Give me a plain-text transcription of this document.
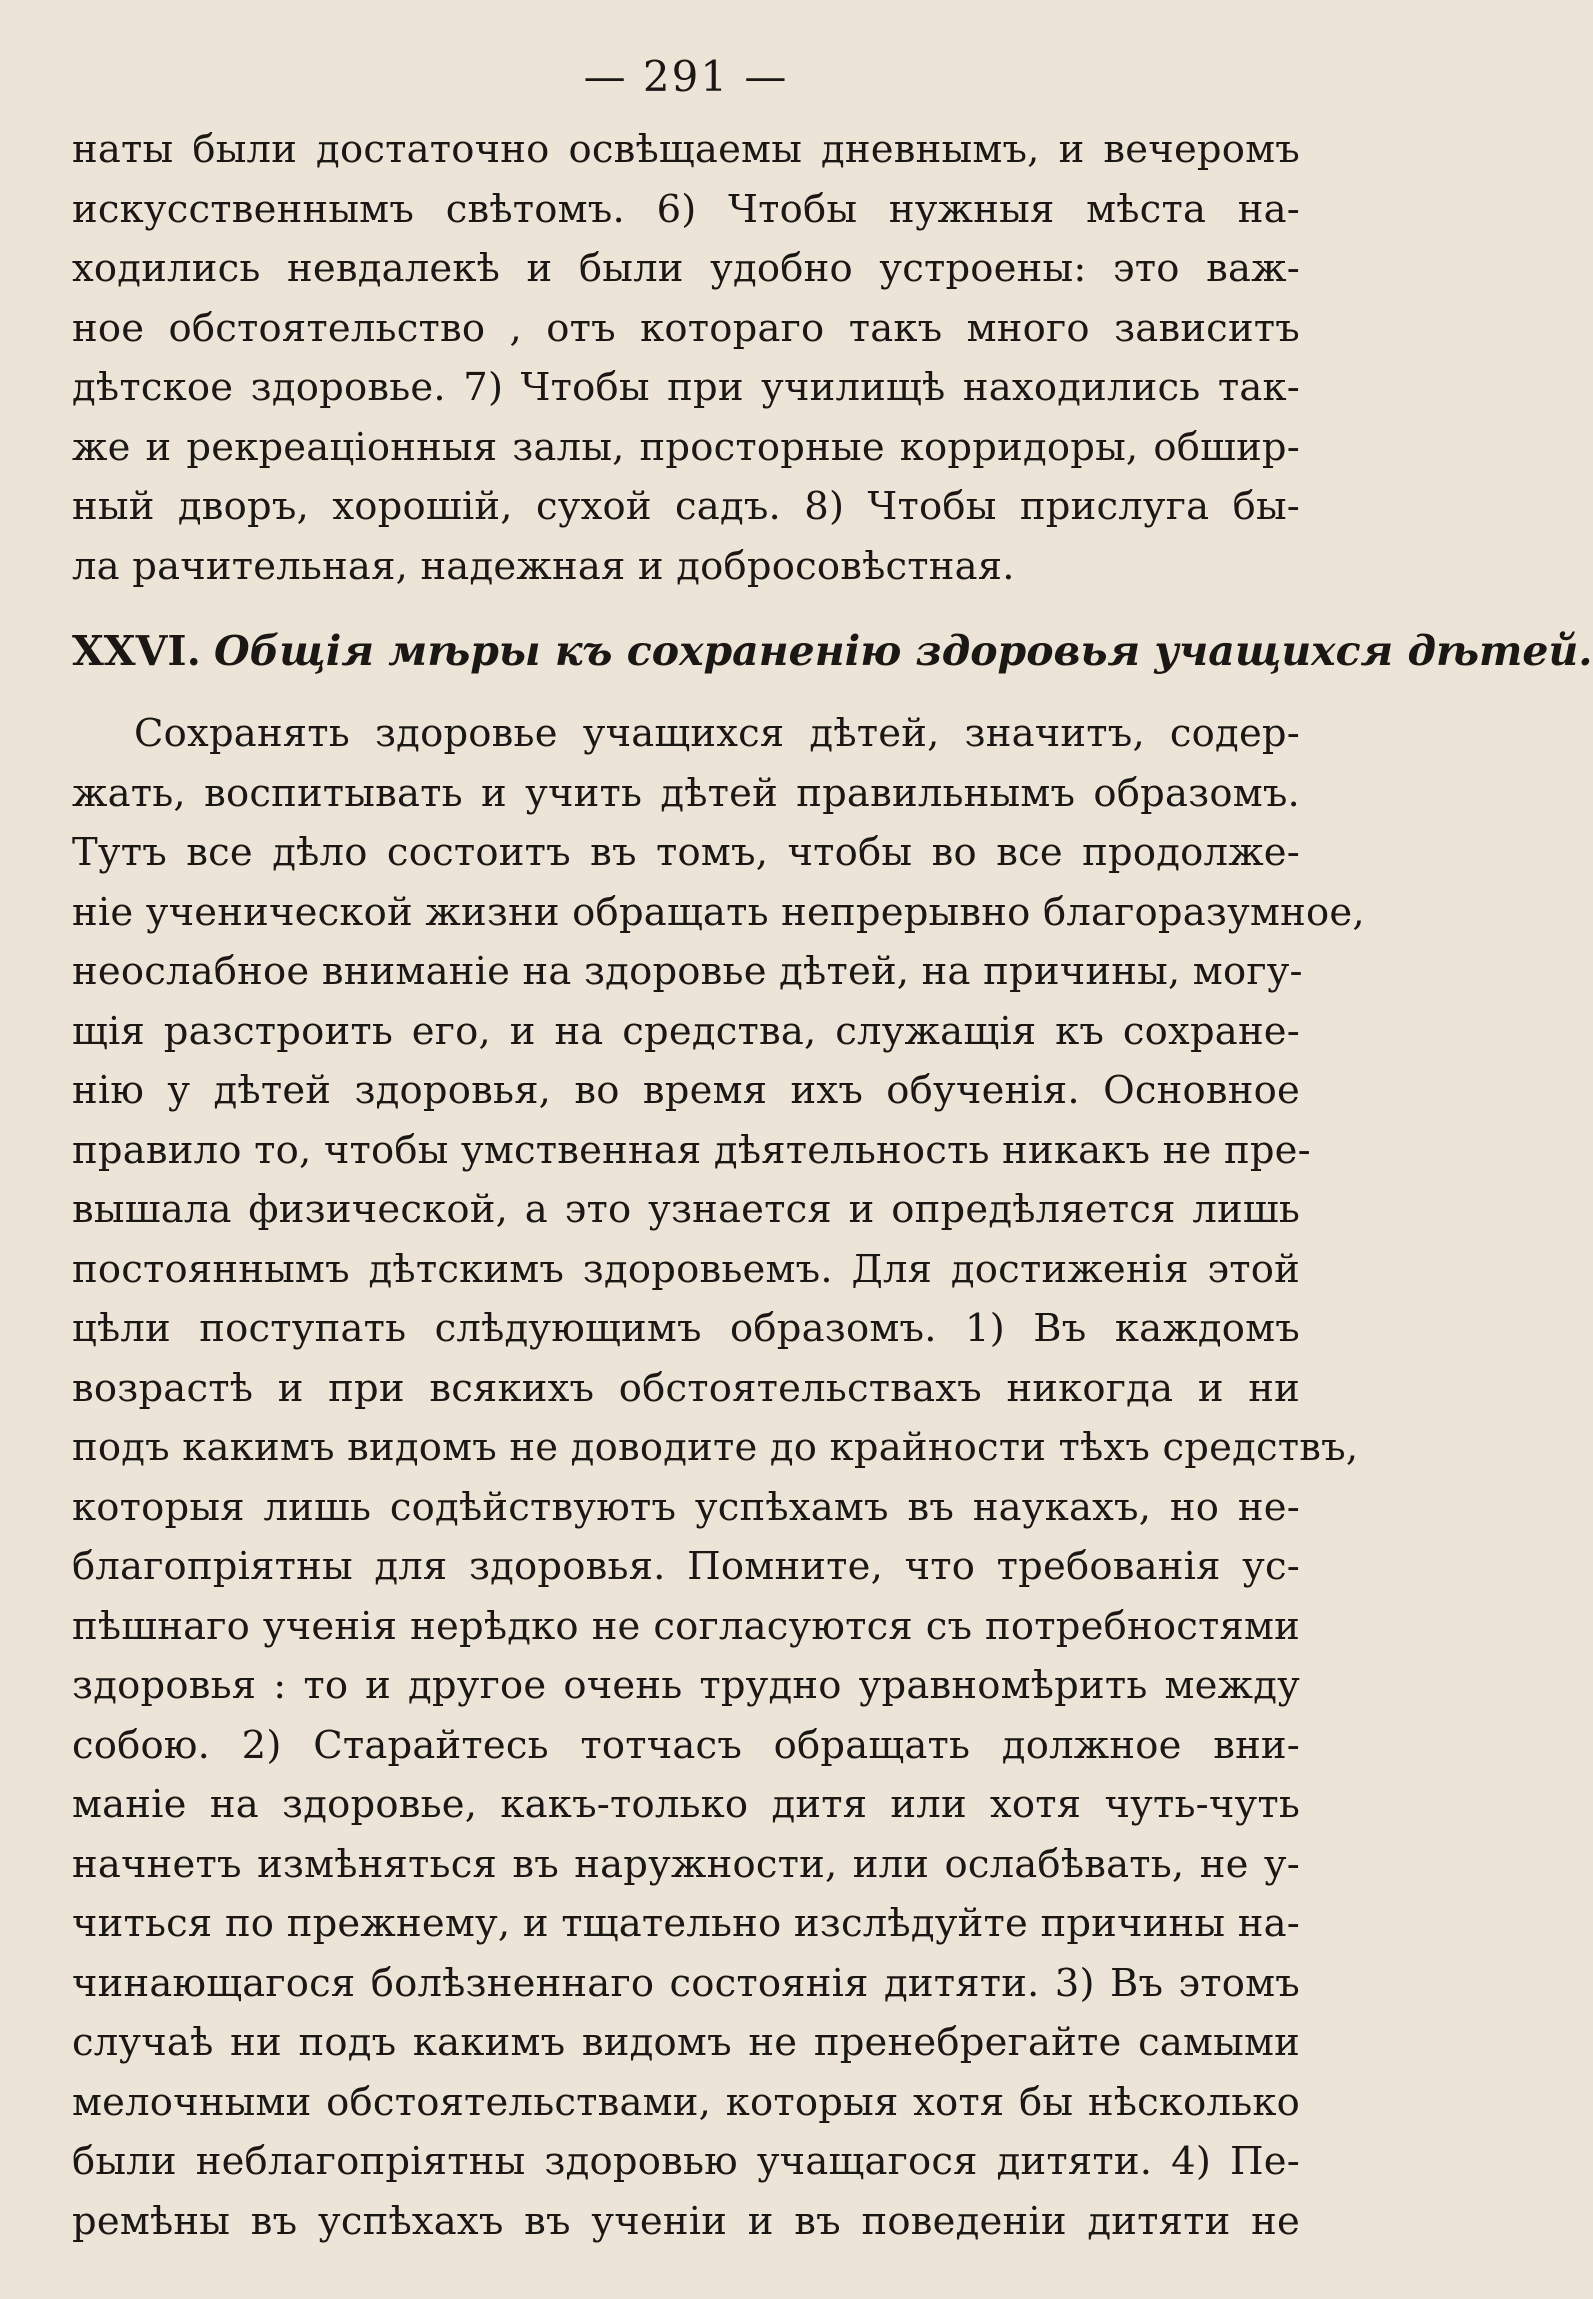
— 291 —
наты были достаточно освѣщаемы дневнымъ, и вечеромъ
искусственнымъ свѣтомъ. 6) Чтобы нужныя мѣста на-
ходились невдалекѣ и были удобно устроены: это важ-
ное обстоятельство , отъ котораго такъ много зависитъ
дѣтское здоровье. 7) Чтобы при училищѣ находились так-
же и рекреаціонныя залы, просторные корридоры, обшир-
ный дворъ, хорошій, сухой садъ. 8) Чтобы прислуга бы-
ла рачительная, надежная и добросовѣстная.
XXVI. Общія мѣры къ сохраненію здоровья учащихся дѣтей.
Сохранять здоровье учащихся дѣтей, значитъ, содер-
жать, воспитывать и учить дѣтей правильнымъ образомъ.
Тутъ все дѣло состоитъ въ томъ, чтобы во все продолже-
ніе ученической жизни обращать непрерывно благоразумное,
неослабное вниманіе на здоровье дѣтей, на причины, могу-
щія разстроить его, и на средства, служащія къ сохране-
нію у дѣтей здоровья, во время ихъ обученія. Основное
правило то, чтобы умственная дѣятельность никакъ не пре-
вышала физической, а это узнается и опредѣляется лишь
постояннымъ дѣтскимъ здоровьемъ. Для достиженія этой
цѣли поступать слѣдующимъ образомъ. 1) Въ каждомъ
возрастѣ и при всякихъ обстоятельствахъ никогда и ни
подъ какимъ видомъ не доводите до крайности тѣхъ средствъ,
которыя лишь содѣйствуютъ успѣхамъ въ наукахъ, но не-
благопріятны для здоровья. Помните, что требованія ус-
пѣшнаго ученія нерѣдко не согласуются съ потребностями
здоровья : то и другое очень трудно уравномѣрить между
собою. 2) Старайтесь тотчасъ обращать должное вни-
маніе на здоровье, какъ-только дитя или хотя чуть-чуть
начнетъ измѣняться въ наружности, или ослабѣвать, не у-
читься по прежнему, и тщательно изслѣдуйте причины на-
чинающагося болѣзненнаго состоянія дитяти. 3) Въ этомъ
случаѣ ни подъ какимъ видомъ не пренебрегайте самыми
мелочными обстоятельствами, которыя хотя бы нѣсколько
были неблагопріятны здоровью учащагося дитяти. 4) Пе-
ремѣны въ успѣхахъ въ ученіи и въ поведеніи дитяти не
